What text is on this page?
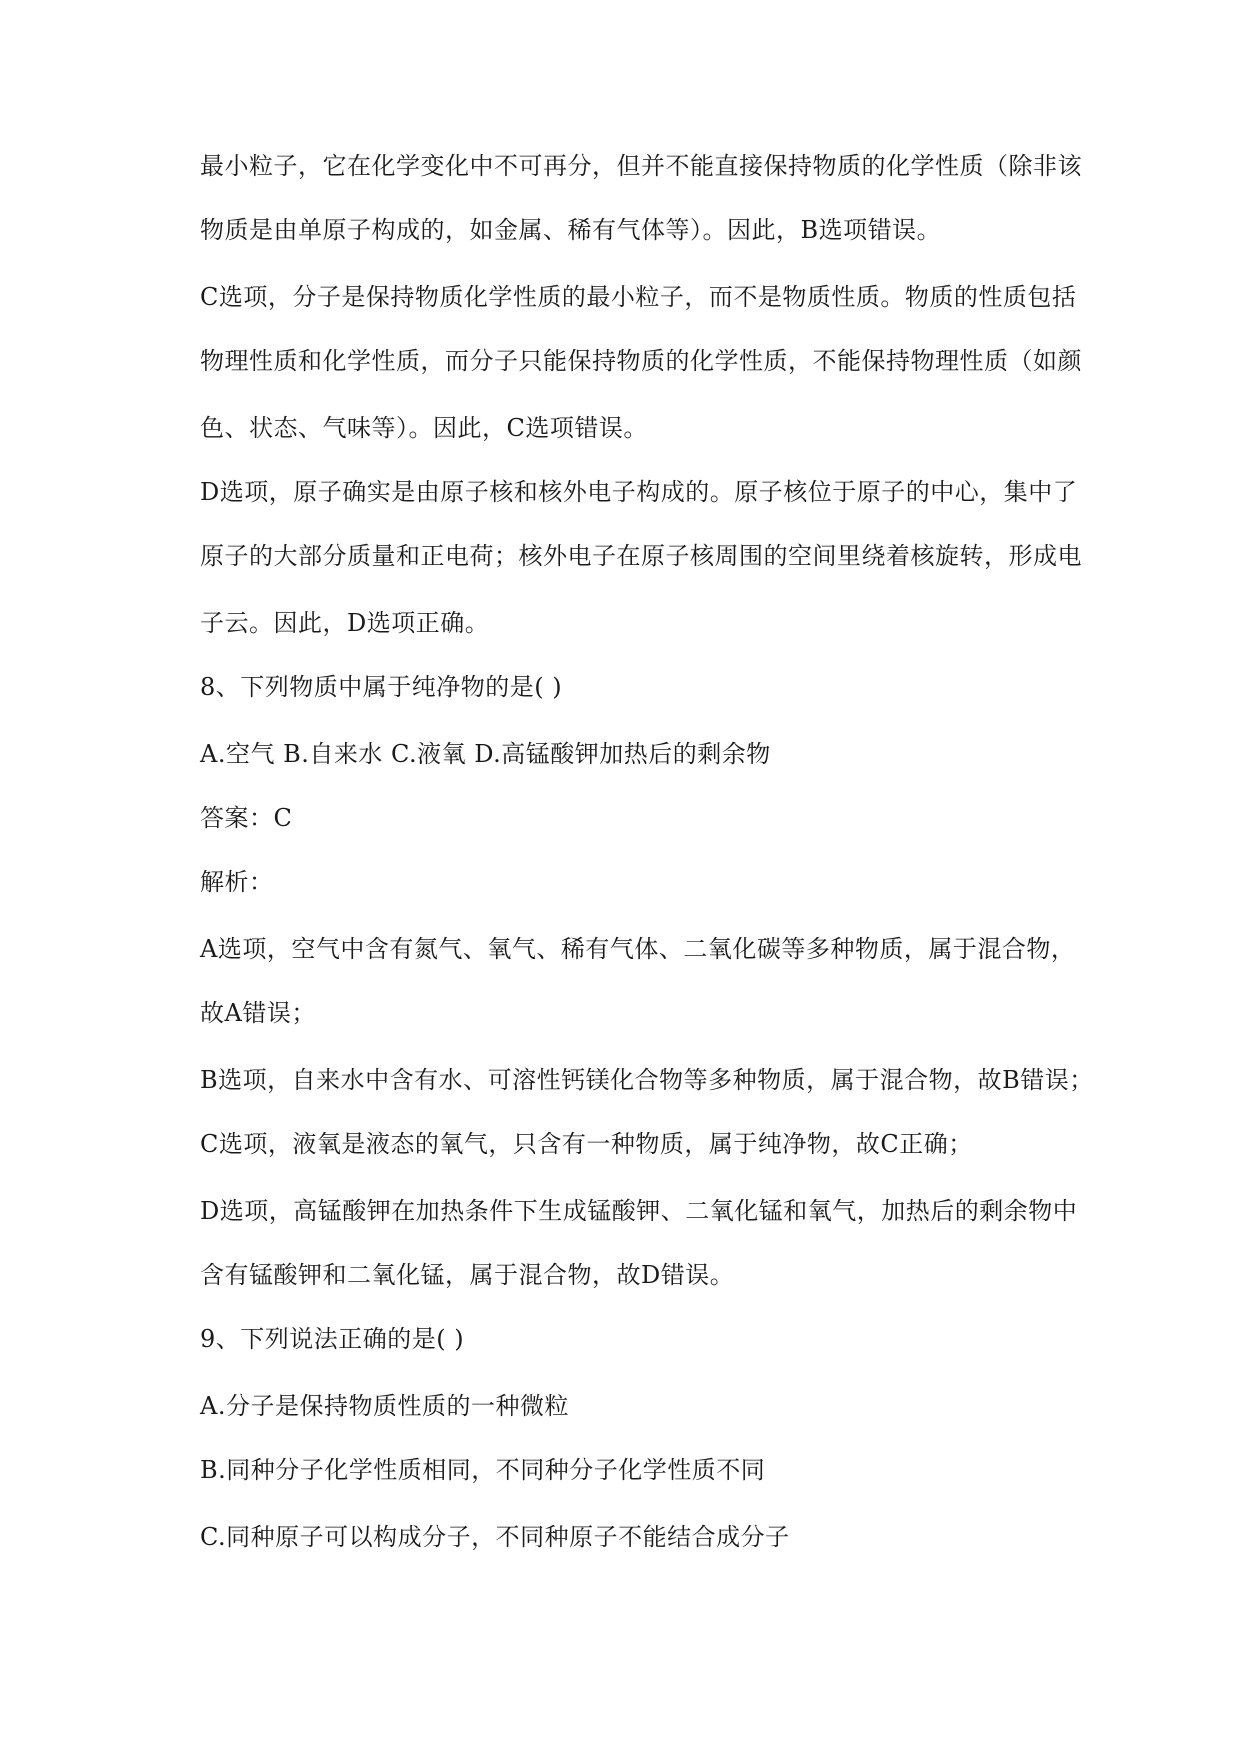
最小粒子，它在化学变化中不可再分，但并不能直接保持物质的化学性质（除非该
物质是由单原子构成的，如金属、稀有气体等）。因此，B选项错误。
C选项，分子是保持物质化学性质的最小粒子，而不是物质性质。物质的性质包括
物理性质和化学性质，而分子只能保持物质的化学性质，不能保持物理性质（如颜
色、状态、气味等）。因此，C选项错误。
D选项，原子确实是由原子核和核外电子构成的。原子核位于原子的中心，集中了
原子的大部分质量和正电荷；核外电子在原子核周围的空间里绕着核旋转，形成电
子云。因此，D选项正确。
8、下列物质中属于纯净物的是( )
A.空气 B.自来水 C.液氧 D.高锰酸钾加热后的剩余物
答案：C
解析：
A选项，空气中含有氮气、氧气、稀有气体、二氧化碳等多种物质，属于混合物，
故A错误；
B选项，自来水中含有水、可溶性钙镁化合物等多种物质，属于混合物，故B错误；
C选项，液氧是液态的氧气，只含有一种物质，属于纯净物，故C正确；
D选项，高锰酸钾在加热条件下生成锰酸钾、二氧化锰和氧气，加热后的剩余物中
含有锰酸钾和二氧化锰，属于混合物，故D错误。
9、下列说法正确的是( )
A.分子是保持物质性质的一种微粒
B.同种分子化学性质相同，不同种分子化学性质不同
C.同种原子可以构成分子，不同种原子不能结合成分子
